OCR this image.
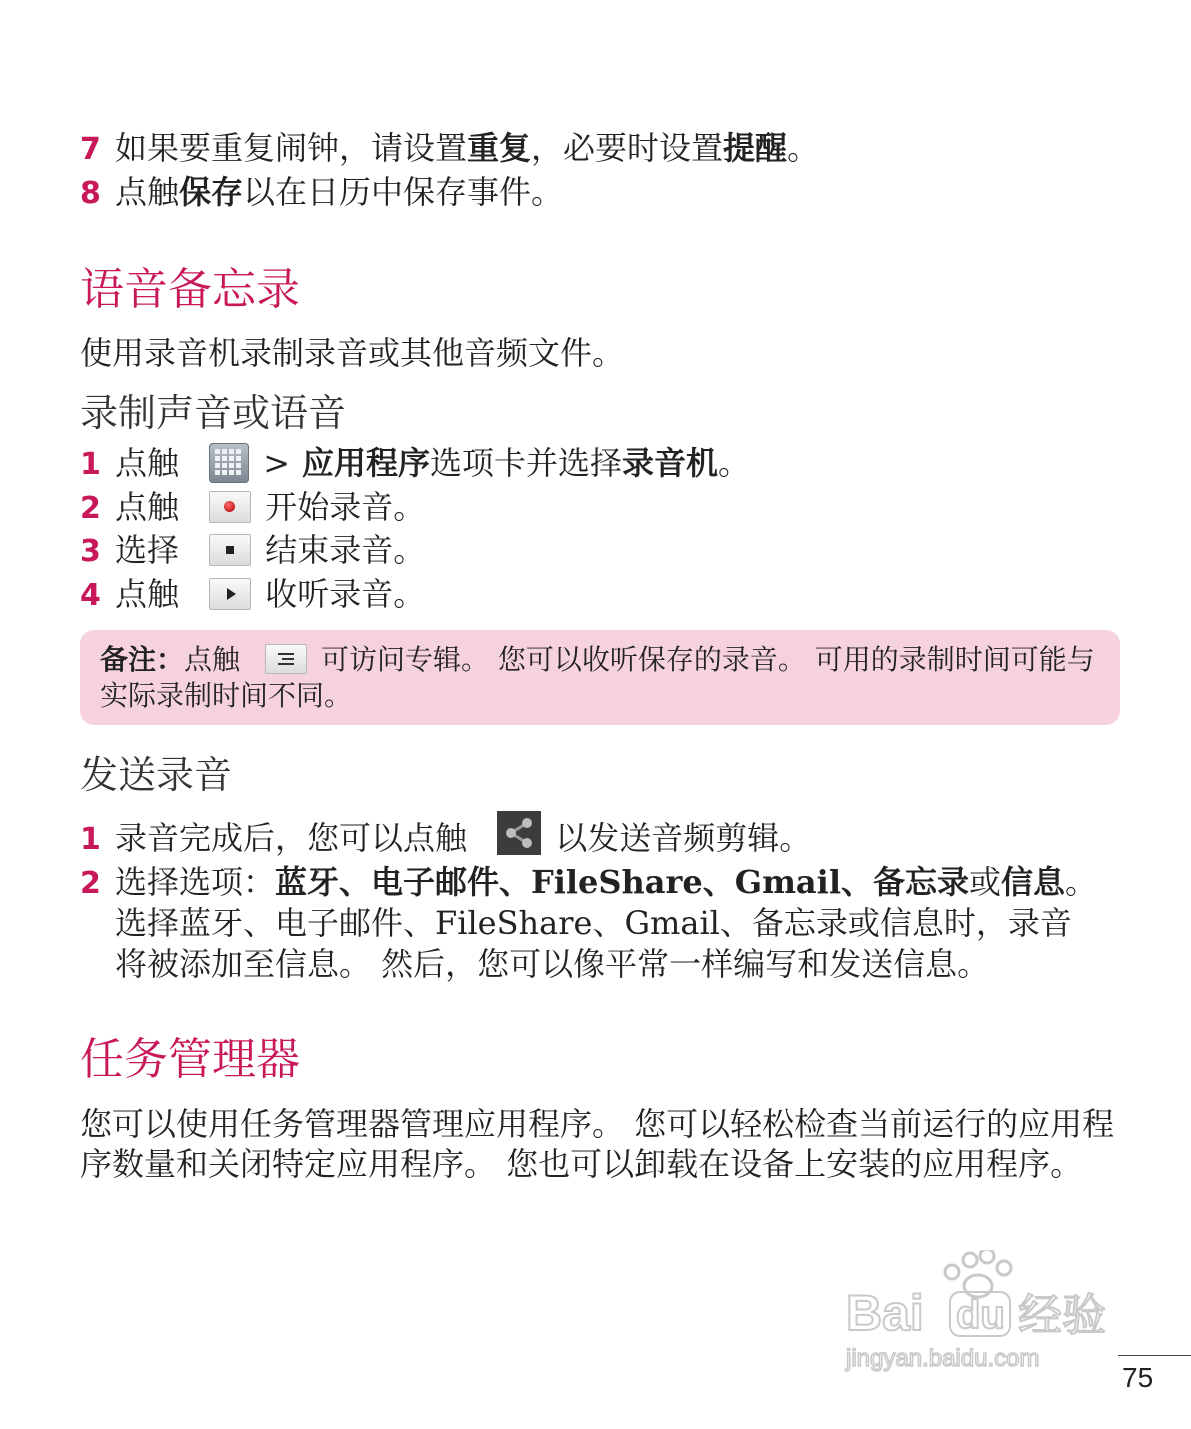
7 如果要重复闹钟，请设置重复，必要时设置提醒。
8 点触保存以在日历中保存事件。
语音备忘录
使用录音机录制录音或其他音频文件。
录制声音或语音
1 点触	> 应用程序选项卡并选择录音机。
2 点触	开始录音。
3 选择	结束录音。
4 点触	收听录音。
备注：点触	可访问专辑。 您可以收听保存的录音。 可用的录制时间可能与实际录制时间不同。
发送录音
1 录音完成后，您可以点触	以发送音频剪辑。
2 选择选项：蓝牙、电子邮件、FileShare、Gmail、备忘录或信息。
选择蓝牙、电子邮件、FileShare、Gmail、备忘录或信息时，录音
将被添加至信息。 然后，您可以像平常一样编写和发送信息。
任务管理器
您可以使用任务管理器管理应用程序。 您可以轻松检查当前运行的应用程序数量和关闭特定应用程序。 您也可以卸载在设备上安装的应用程序。
Bai du 经验
jingyan.baidu.com
75
